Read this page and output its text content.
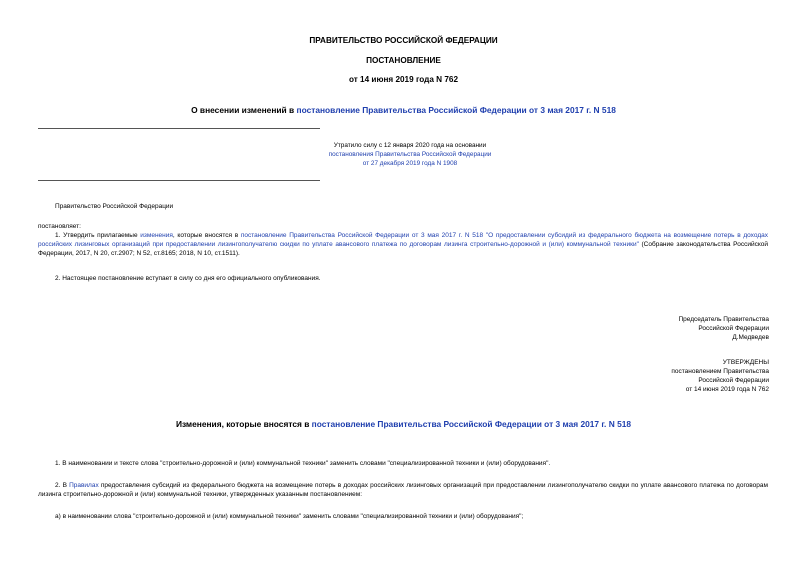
ПРАВИТЕЛЬСТВО РОССИЙСКОЙ ФЕДЕРАЦИИ
ПОСТАНОВЛЕНИЕ
от 14 июня 2019 года N 762
О внесении изменений в постановление Правительства Российской Федерации от 3 мая 2017 г. N 518
Утратило силу с 12 января 2020 года на основании
постановления Правительства Российской Федерации
от 27 декабря 2019 года N 1908
Правительство Российской Федерации
постановляет:
1. Утвердить прилагаемые изменения, которые вносятся в постановление Правительства Российской Федерации от 3 мая 2017 г. N 518 "О предоставлении субсидий из федерального бюджета на возмещение потерь в доходах российских лизинговых организаций при предоставлении лизингополучателю скидки по уплате авансового платежа по договорам лизинга строительно-дорожной и (или) коммунальной техники" (Собрание законодательства Российской Федерации, 2017, N 20, ст.2907; N 52, ст.8165; 2018, N 10, ст.1511).
2. Настоящее постановление вступает в силу со дня его официального опубликования.
Председатель Правительства
Российской Федерации
Д.Медведев
УТВЕРЖДЕНЫ
постановлением Правительства
Российской Федерации
от 14 июня 2019 года N 762
Изменения, которые вносятся в постановление Правительства Российской Федерации от 3 мая 2017 г. N 518
1. В наименовании и тексте слова "строительно-дорожной и (или) коммунальной техники" заменить словами "специализированной техники и (или) оборудования".
2. В Правилах предоставления субсидий из федерального бюджета на возмещение потерь в доходах российских лизинговых организаций при предоставлении лизингополучателю скидки по уплате авансового платежа по договорам лизинга строительно-дорожной и (или) коммунальной техники, утвержденных указанным постановлением:
а) в наименовании слова "строительно-дорожной и (или) коммунальной техники" заменить словами "специализированной техники и (или) оборудования";
